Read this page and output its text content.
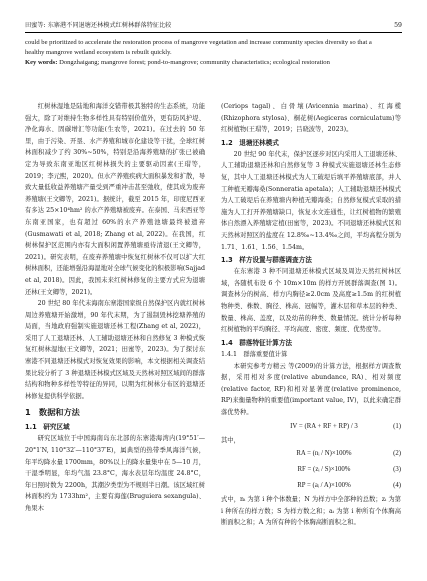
田蜜等: 东寨港不同退塘还林模式红树林群落特征比较	59
could be prioritized to accelerate the restoration process of mangrove vegetation and increase community species diversity so that a
healthy mangrove wetland ecosystem is rebuilt quickly.
Key words: Dongzhaigang; mangrove forest; pond-to-mangrove; community characteristics; ecological restoration

红树林湿地是陆地和海洋交错带极其独特的生态系统，功能强大，除了对维持生物多样性具有特别价值外，更有防风护堤、净化海水、固碳增汇等功能(生农等，2021)。在过去的 50 年里，由于污染、开垦、水产养殖和城市化建设等干扰，全球红树林面积减少了约 30%~50%，特别是沿海养殖塘的扩张已被确定为导致东南亚地区红树林损失的主要驱动因素(王瑁等，2019；李元熙，2020)。但水产养殖疾病大面积暴发和扩散，导致大量低收益养殖塘产量受到严重冲击甚至弛收，使其成为废弃养殖塘(王文卿等，2021)。据统计，截至 2015 年，印度尼西亚有多达 25×10⁴hm² 的水产养殖塘被废弃。在泰国、马来西亚等东南亚国家，也有超过 60%的水产养殖池塘最终被遗弃(Gusmawati et al, 2018; Zhang et al, 2022)。在我国，红树林保护区范围内亦有大面积闲置养殖塘亟待清退(王文卿等，2021)。研究表明，在废弃养殖塘中恢复红树林不仅可以扩大红树林面积，还能增强沿海湿地对全球气候变化的积极影响(Sajjad et al, 2018)。因此，我国未来红树林修复的主要方式应为退塘还林(王文卿等，2021)。

20 世纪 80 年代末海南东寨港国家级自然保护区内就红树林周边养殖塘开始激增，90 年代末期，为了遏制毁林挖塘养殖的局面，当地政府强制实施退塘还林工程(Zhang et al, 2022)，采用了人工退塘还林、人工辅助退塘还林和自然修复 3 种模式恢复红树林湿地(王文卿等，2021；田蜜等，2023)。为了探讨东寨港不同退塘还林模式对恢复效果的影响，本文根据相关调查结果比较分析了 3 种退塘还林模式区域及天然林对照区域间的群落结构和物种多样性等特征的异同，以期为红树林分布区的退塘还林修复提供科学依据。

1　数据和方法
1.1　研究区域

研究区域位于中国海南岛东北部的东寨港海湾内(19°51′—20°1′N, 110°32′—110°37′E)，属典型的热带季风海洋气候，年平均降水量 1700mm，80%以上的降水量集中在 5—10 月，干湿季明显，年均气温 23.8°C，海水表层年均温度 24.8°C，年日照时数为 2200h，其潮汐类型为不规则半日潮。该区域红树林面积约为 1733hm²，主要有海莲(Bruguiera sexangula)、角果木

(Ceriops tagal)、白骨壤(Avicennia marina)、红海榄(Rhizophora stylosa)、桐花树(Aegiceras corniculatum)等红树植物(王瑁等，2019；吕晓波等，2023)。

1.2　退塘还林模式

20 世纪 90 年代末，保护区逐步对区内采用人工退塘还林、人工辅助退塘还林和自然修复等 3 种模式实施退塘还林生态修复，其中人工退塘还林模式为人工破堤后填平养殖塘底部，并人工种植无瓣海桑(Sonneratia apetala)；人工辅助退塘还林模式为人工破堤后在养殖塘内种植无瓣海桑；自然修复模式采取的措施为人工打开养殖塘缺口，恢复水文连通性，让红树植物的繁殖体自然漂入养殖塘定植(田蜜等，2023)。不同退塘还林模式区和天然林对照区的盐度在 12.8‰~13.4‰之间，平均高程分别为 1.71、1.61、1.56、1.54m。

1.3　样方设置与群落调查方法

在东寨港 3 种不同退塘还林模式区域及周边天然红树林区域，各随机布设 6 个 10m×10m 的样方开展群落调查(图 1)。调查林分的树高、样方内胸径≥2.0cm 及高度≥1.5m 的红树植物种类、株数、胸径、株高、冠幅等，灌木层和草本层的种类、数量、株高、盖度，以及幼苗的种类、数量情况。统计分析每种红树植物的平均胸径、平均高度、密度、频度、优势度等。

1.4　群落特征计算方法
1.4.1　群落重要值计算

本研究参考方精云 等(2009)的计算方法，根据样方调查数据，采用相对多度(relative abundance, RA)、相对频度(relative factor, RF)和相对显著度(relative prominence, RP)来衡量物种的重要值(important value, IV)，以此来确定群落优势种。

IV = (RA + RF + RP) / 3	(1)

其中，

RA = (nᵢ / N)×100%	(2)
RF = (zᵢ / S)×100%	(3)
RP = (aᵢ / A)×100%	(4)

式中，nᵢ 为第 i 种个体数量；N 为样方中全部种的总数；zᵢ 为第 i 种所在的样方数；S 为样方数之和；aᵢ 为第 i 种所有个体胸高断面积之和；A 为所有种的个体胸高断面积之和。
